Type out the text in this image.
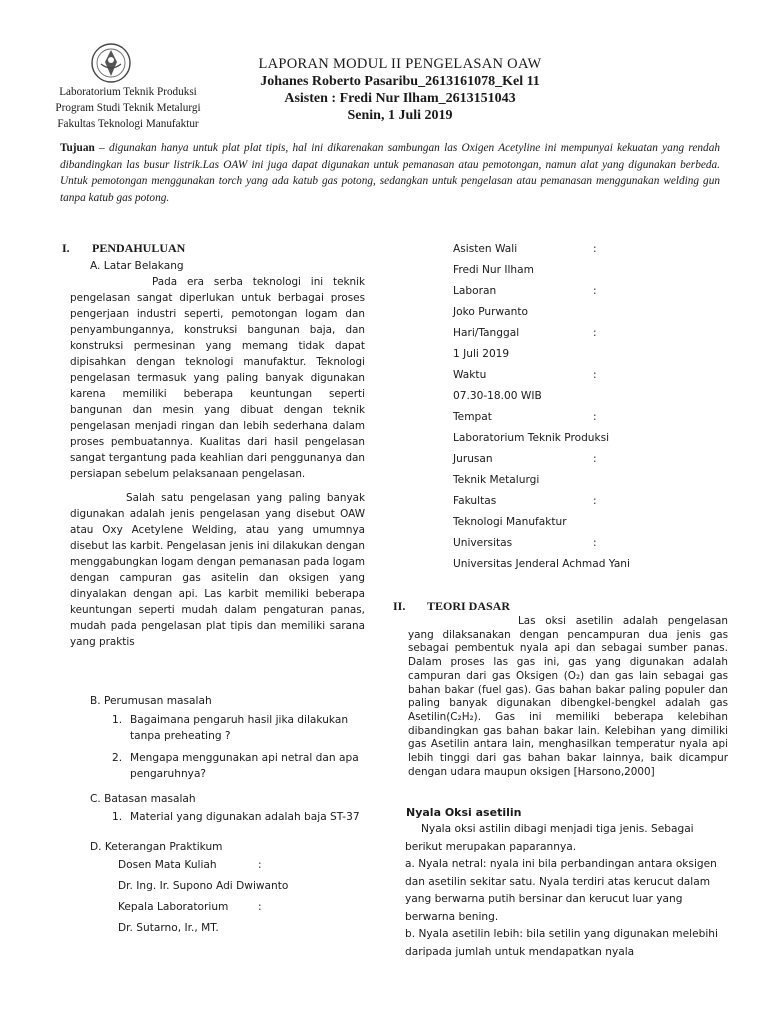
Laboratorium Teknik Produksi
Program Studi Teknik Metalurgi
Fakultas Teknologi Manufaktur
LAPORAN MODUL II PENGELASAN OAW
Johanes Roberto Pasaribu_2613161078_Kel 11
Asisten : Fredi Nur Ilham_2613151043
Senin, 1 Juli 2019
Tujuan – digunakan hanya untuk plat plat tipis, hal ini dikarenakan sambungan las Oxigen Acetyline ini mempunyai kekuatan yang rendah dibandingkan las busur listrik.Las OAW ini juga dapat digunakan untuk pemanasan atau pemotongan, namun alat yang digunakan berbeda. Untuk pemotongan menggunakan torch yang ada katub gas potong, sedangkan untuk pengelasan atau pemanasan menggunakan welding gun tanpa katub gas potong.
I. PENDAHULUAN
A. Latar Belakang

Pada era serba teknologi ini teknik pengelasan sangat diperlukan untuk berbagai proses pengerjaan industri seperti, pemotongan logam dan penyambungannya, konstruksi bangunan baja, dan konstruksi permesinan yang memang tidak dapat dipisahkan dengan teknologi manufaktur. Teknologi pengelasan termasuk yang paling banyak digunakan karena memiliki beberapa keuntungan seperti bangunan dan mesin yang dibuat dengan teknik pengelasan menjadi ringan dan lebih sederhana dalam proses pembuatannya. Kualitas dari hasil pengelasan sangat tergantung pada keahlian dari penggunanya dan persiapan sebelum pelaksanaan pengelasan.

Salah satu pengelasan yang paling banyak digunakan adalah jenis pengelasan yang disebut OAW atau Oxy Acetylene Welding, atau yang umumnya disebut las karbit. Pengelasan jenis ini dilakukan dengan menggabungkan logam dengan pemanasan pada logam dengan campuran gas asitelin dan oksigen yang dinyalakan dengan api. Las karbit memiliki beberapa keuntungan seperti mudah dalam pengaturan panas, mudah pada pengelasan plat tipis dan memiliki sarana yang praktis

B. Perumusan masalah
1. Bagaimana pengaruh hasil jika dilakukan tanpa preheating ?
2. Mengapa menggunakan api netral dan apa pengaruhnya?
C. Batasan masalah
1. Material yang digunakan adalah baja ST-37
D. Keterangan Praktikum
Dosen Mata Kuliah	:
Dr. Ing. Ir. Supono Adi Dwiwanto
Kepala Laboratorium	:
Dr. Sutarno, Ir., MT.
Asisten Wali	:
Fredi Nur Ilham
Laboran	:
Joko Purwanto
Hari/Tanggal	:
1 Juli 2019
Waktu	:
07.30-18.00 WIB
Tempat	:
Laboratorium Teknik Produksi
Jurusan	:
Teknik Metalurgi
Fakultas	:
Teknologi Manufaktur
Universitas	:
Universitas Jenderal Achmad Yani
II. TEORI DASAR
Las oksi asetilin adalah pengelasan yang dilaksanakan dengan pencampuran dua jenis gas sebagai pembentuk nyala api dan sebagai sumber panas. Dalam proses las gas ini, gas yang digunakan adalah campuran dari gas Oksigen (O₂) dan gas lain sebagai gas bahan bakar (fuel gas). Gas bahan bakar paling populer dan paling banyak digunakan dibengkel-bengkel adalah gas Asetilin(C₂H₂). Gas ini memiliki beberapa kelebihan dibandingkan gas bahan bakar lain. Kelebihan yang dimiliki gas Asetilin antara lain, menghasilkan temperatur nyala api lebih tinggi dari gas bahan bakar lainnya, baik dicampur dengan udara maupun oksigen [Harsono,2000]
Nyala Oksi asetilin
Nyala oksi astilin dibagi menjadi tiga jenis. Sebagai berikut merupakan paparannya.
a. Nyala netral: nyala ini bila perbandingan antara oksigen dan asetilin sekitar satu. Nyala terdiri atas kerucut dalam yang berwarna putih bersinar dan kerucut luar yang berwarna bening.
b. Nyala asetilin lebih: bila setilin yang digunakan melebihi daripada jumlah untuk mendapatkan nyala
